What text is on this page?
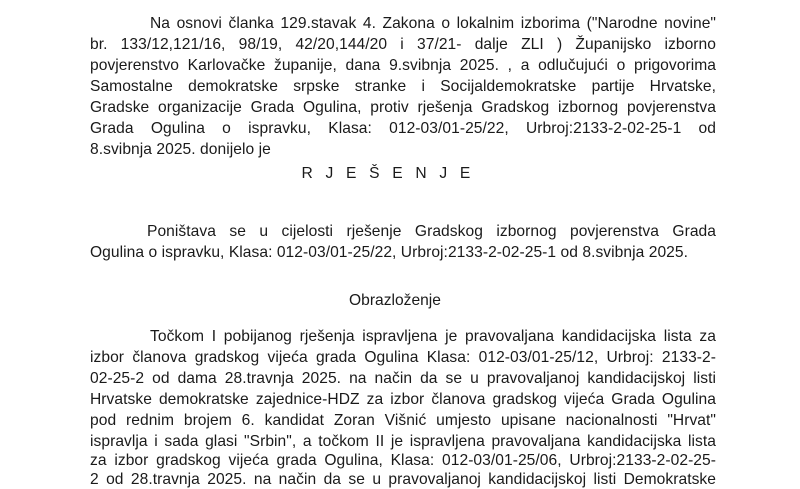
Na osnovi članka 129.stavak 4. Zakona o lokalnim izborima ("Narodne novine"
br. 133/12,121/16, 98/19, 42/20,144/20 i 37/21- dalje ZLI ) Županijsko izborno
povjerenstvo Karlovačke županije, dana 9.svibnja 2025. , a odlučujući o prigovorima
Samostalne demokratske srpske stranke i Socijaldemokratske partije Hrvatske,
Gradske organizacije Grada Ogulina, protiv rješenja Gradskog izbornog povjerenstva
Grada Ogulina o ispravku, Klasa: 012-03/01-25/22, Urbroj:2133-2-02-25-1 od
8.svibnja 2025. donijelo je
R J E Š E N J E
Poništava se u cijelosti rješenje Gradskog izbornog povjerenstva Grada
Ogulina o ispravku, Klasa: 012-03/01-25/22, Urbroj:2133-2-02-25-1 od 8.svibnja 2025.
Obrazloženje
Točkom I pobijanog rješenja ispravljena je pravovaljana kandidacijska lista za
izbor članova gradskog vijeća grada Ogulina Klasa: 012-03/01-25/12, Urbroj: 2133-2-
02-25-2 od dama 28.travnja 2025. na način da se u pravovaljanoj kandidacijskoj listi
Hrvatske demokratske zajednice-HDZ za izbor članova gradskog vijeća Grada Ogulina
pod rednim brojem 6. kandidat Zoran Višnić umjesto upisane nacionalnosti "Hrvat"
ispravlja i sada glasi "Srbin", a točkom II je ispravljena pravovaljana kandidacijska lista
za izbor gradskog vijeća grada Ogulina, Klasa: 012-03/01-25/06, Urbroj:2133-2-02-25-
2 od 28.travnja 2025. na način da se u pravovaljanoj kandidacijskoj listi Demokratske
